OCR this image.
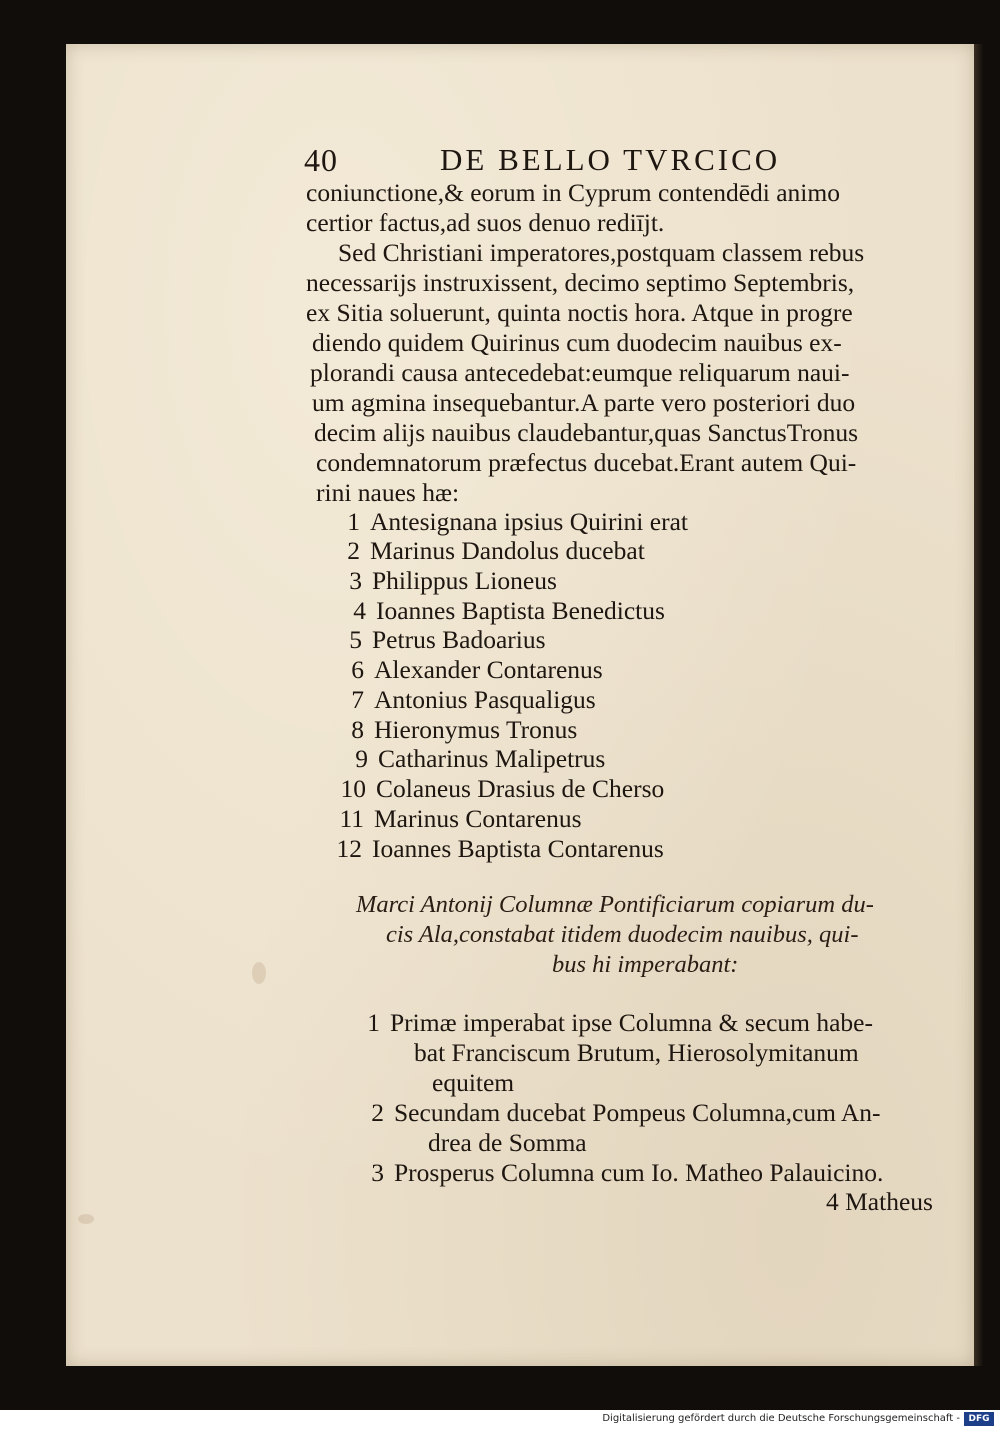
40	DE BELLO TVRCICO
coniunctione,& eorum in Cyprum contendēdi animo
certior factus,ad suos denuo rediījt.
Sed Christiani imperatores,postquam classem rebus
necessarijs instruxissent, decimo septimo Septembris,
ex Sitia soluerunt, quinta noctis hora. Atque in progre
diendo quidem Quirinus cum duodecim nauibus ex-
plorandi causa antecedebat:eumque reliquarum naui-
um agmina insequebantur.A parte vero posteriori duo
decim alijs nauibus claudebantur,quas SanctusTronus
condemnatorum præfectus ducebat.Erant autem Qui-
rini naues hæ:
1 Antesignana ipsius Quirini erat
2 Marinus Dandolus ducebat
3 Philippus Lioneus
4 Ioannes Baptista Benedictus
5 Petrus Badoarius
6 Alexander Contarenus
7 Antonius Pasqualigus
8 Hieronymus Tronus
9 Catharinus Malipetrus
10 Colaneus Drasius de Cherso
11 Marinus Contarenus
12 Ioannes Baptista Contarenus
Marci Antonij Columnæ Pontificiarum copiarum du-
cis Ala,constabat itidem duodecim nauibus, qui-
bus hi imperabant:
1 Primæ imperabat ipse Columna & secum habe-
bat Franciscum Brutum, Hierosolymitanum
equitem
2 Secundam ducebat Pompeus Columna,cum An-
drea de Somma
3 Prosperus Columna cum Io. Matheo Palauicino.
4 Matheus
Digitalisierung gefördert durch die Deutsche Forschungsgemeinschaft - DFG
